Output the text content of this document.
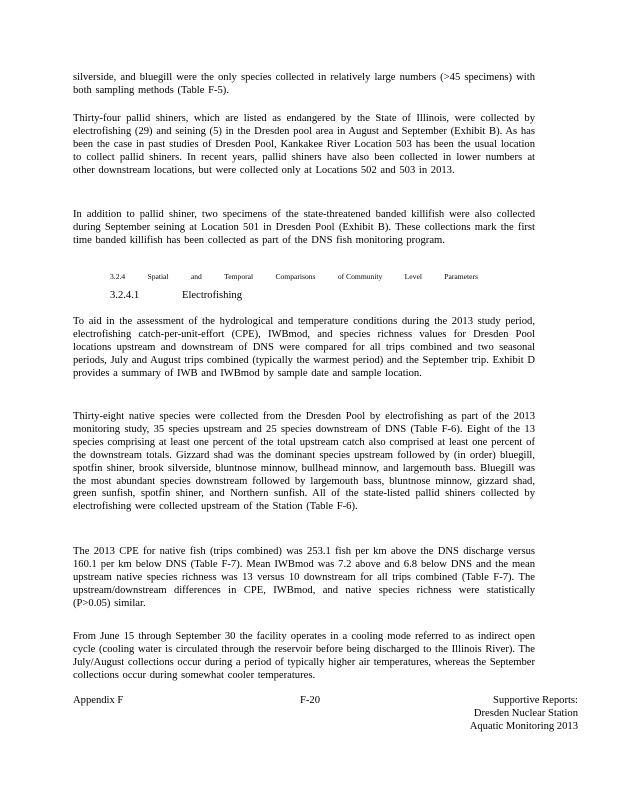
silverside, and bluegill were the only species collected in relatively large numbers (>45 specimens) with both sampling methods (Table F-5).

Thirty-four pallid shiners, which are listed as endangered by the State of Illinois, were collected by electrofishing (29) and seining (5) in the Dresden pool area in August and September (Exhibit B). As has been the case in past studies of Dresden Pool, Kankakee River Location 503 has been the usual location to collect pallid shiners. In recent years, pallid shiners have also been collected in lower numbers at other downstream locations, but were collected only at Locations 502 and 503 in 2013.

In addition to pallid shiner, two specimens of the state-threatened banded killifish were also collected during September seining at Location 501 in Dresden Pool (Exhibit B). These collections mark the first time banded killifish has been collected as part of the DNS fish monitoring program.

3.2.4	Spatial	and	Temporal	Comparisons	of Community	Level	Parameters
3.2.4.1	Electrofishing

To aid in the assessment of the hydrological and temperature conditions during the 2013 study period, electrofishing catch-per-unit-effort (CPE), IWBmod, and species richness values for Dresden Pool locations upstream and downstream of DNS were compared for all trips combined and two seasonal periods, July and August trips combined (typically the warmest period) and the September trip. Exhibit D provides a summary of IWB and IWBmod by sample date and sample location.

Thirty-eight native species were collected from the Dresden Pool by electrofishing as part of the 2013 monitoring study, 35 species upstream and 25 species downstream of DNS (Table F-6). Eight of the 13 species comprising at least one percent of the total upstream catch also comprised at least one percent of the downstream totals. Gizzard shad was the dominant species upstream followed by (in order) bluegill, spotfin shiner, brook silverside, bluntnose minnow, bullhead minnow, and largemouth bass. Bluegill was the most abundant species downstream followed by largemouth bass, bluntnose minnow, gizzard shad, green sunfish, spotfin shiner, and Northern sunfish. All of the state-listed pallid shiners collected by electrofishing were collected upstream of the Station (Table F-6).

The 2013 CPE for native fish (trips combined) was 253.1 fish per km above the DNS discharge versus 160.1 per km below DNS (Table F-7). Mean IWBmod was 7.2 above and 6.8 below DNS and the mean upstream native species richness was 13 versus 10 downstream for all trips combined (Table F-7). The upstream/downstream differences in CPE, IWBmod, and native species richness were statistically (P>0.05) similar.

From June 15 through September 30 the facility operates in a cooling mode referred to as indirect open cycle (cooling water is circulated through the reservoir before being discharged to the Illinois River). The July/August collections occur during a period of typically higher air temperatures, whereas the September collections occur during somewhat cooler temperatures.

Appendix F	F-20	Supportive Reports:
Dresden Nuclear Station
Aquatic Monitoring 2013
